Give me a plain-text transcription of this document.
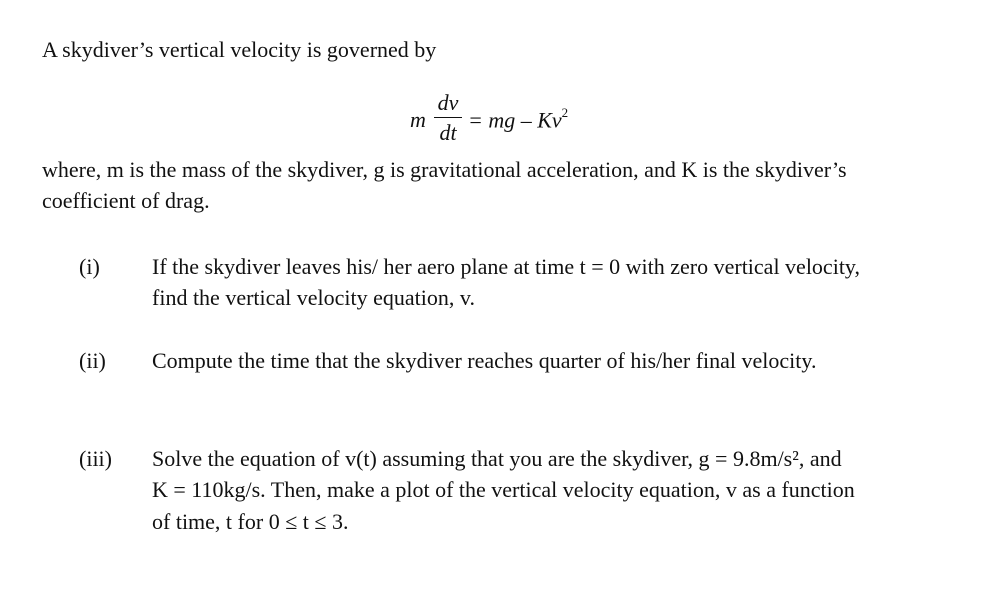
A skydiver’s vertical velocity is governed by
m
dv
dt
= mg – Kv$^2$
where, m is the mass of the skydiver, g is gravitational acceleration, and K is the skydiver’s
coefficient of drag.
(i) If the skydiver leaves his/ her aero plane at time t = 0 with zero vertical velocity,
find the vertical velocity equation, v.
(ii) Compute the time that the skydiver reaches quarter of his/her final velocity.
(iii) Solve the equation of v(t) assuming that you are the skydiver, g = 9.8m/s², and
K = 110kg/s. Then, make a plot of the vertical velocity equation, v as a function
of time, t for 0 ≤ t ≤ 3.
